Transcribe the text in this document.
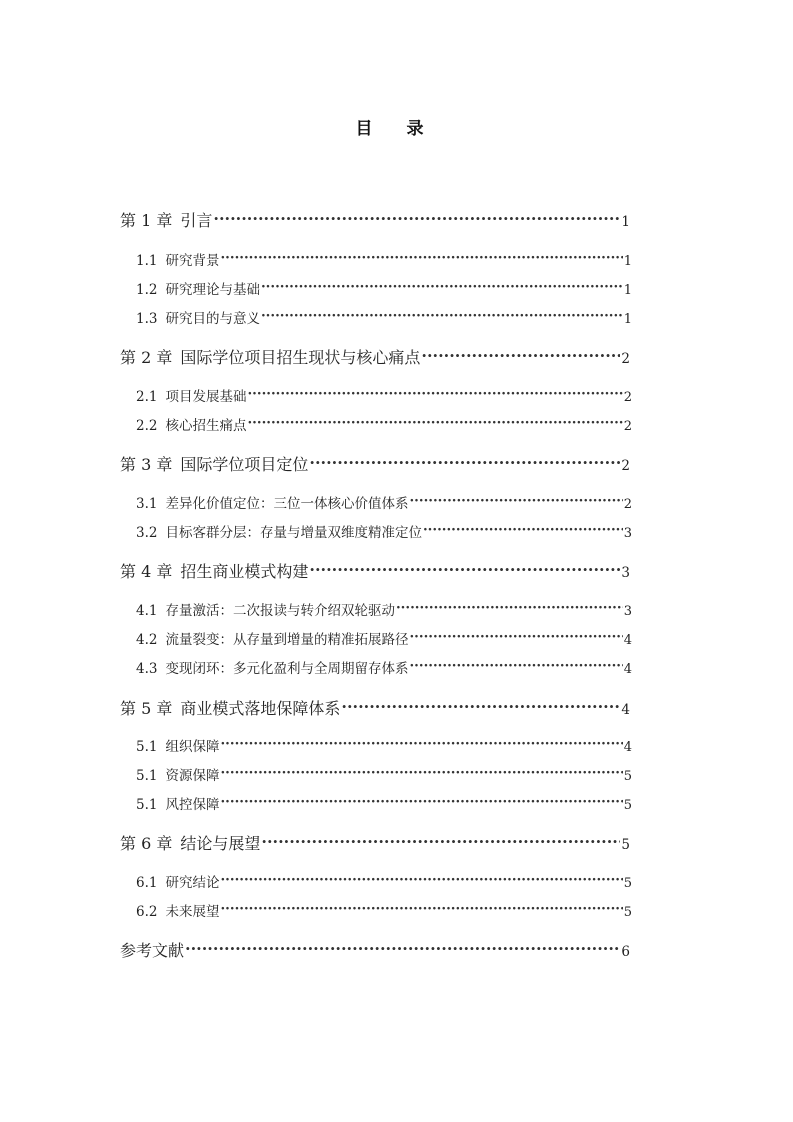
目 录
第 1 章 引言 ·····	1
1.1 研究背景 ·····	1
1.2 研究理论与基础 ·····	1
1.3 研究目的与意义 ·····	1
第 2 章 国际学位项目招生现状与核心痛点 ·····	2
2.1 项目发展基础 ·····	2
2.2 核心招生痛点 ·····	2
第 3 章 国际学位项目定位 ·····	2
3.1 差异化价值定位：三位一体核心价值体系 ·····	2
3.2 目标客群分层：存量与增量双维度精准定位 ·····	3
第 4 章 招生商业模式构建 ·····	3
4.1 存量激活：二次报读与转介绍双轮驱动 ·····	3
4.2 流量裂变：从存量到增量的精准拓展路径 ·····	4
4.3 变现闭环：多元化盈利与全周期留存体系 ·····	4
第 5 章 商业模式落地保障体系 ·····	4
5.1 组织保障 ·····	4
5.1 资源保障 ·····	5
5.1 风控保障 ·····	5
第 6 章 结论与展望 ·····	5
6.1 研究结论 ·····	5
6.2 未来展望 ·····	5
参考文献 ·····	6
